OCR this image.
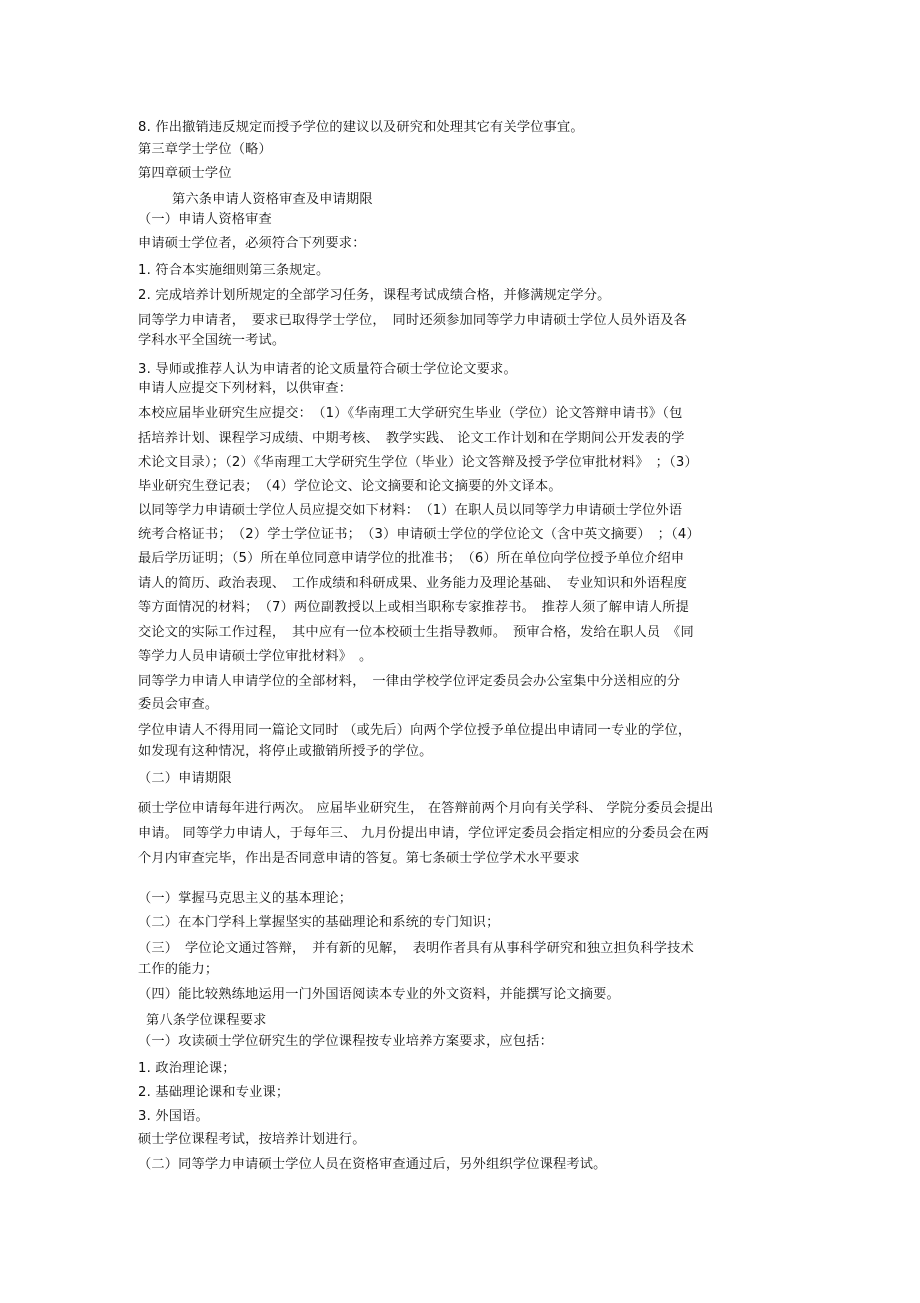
8. 作出撤销违反规定而授予学位的建议以及研究和处理其它有关学位事宜。
第三章学士学位（略）
第四章硕士学位
第六条申请人资格审查及申请期限
（一）申请人资格审查
申请硕士学位者，必须符合下列要求：
1. 符合本实施细则第三条规定。
2. 完成培养计划所规定的全部学习任务，课程考试成绩合格，并修满规定学分。
同等学力申请者，　要求已取得学士学位，　同时还须参加同等学力申请硕士学位人员外语及各
学科水平全国统一考试。
3. 导师或推荐人认为申请者的论文质量符合硕士学位论文要求。
申请人应提交下列材料，以供审查：
本校应届毕业研究生应提交：　（1）《华南理工大学研究生毕业（学位）论文答辩申请书》（包
括培养计划、课程学习成绩、中期考核、　教学实践、 论文工作计划和在学期间公开发表的学
术论文目录）；（2）《华南理工大学研究生学位（毕业）论文答辩及授予学位审批材料》　；（3）
毕业研究生登记表；　（4）学位论文、论文摘要和论文摘要的外文译本。
以同等学力申请硕士学位人员应提交如下材料：　（1）在职人员以同等学力申请硕士学位外语
统考合格证书；　（2）学士学位证书；　（3）申请硕士学位的学位论文（含中英文摘要）　；（4）
最后学历证明；（5）所在单位同意申请学位的批准书；　（6）所在单位向学位授予单位介绍申
请人的简历、政治表现、　工作成绩和科研成果、业务能力及理论基础、　专业知识和外语程度
等方面情况的材料；　（7）两位副教授以上或相当职称专家推荐书。　推荐人须了解申请人所提
交论文的实际工作过程，　其中应有一位本校硕士生指导教师。　预审合格，发给在职人员　《同
等学力人员申请硕士学位审批材料》　。
同等学力申请人申请学位的全部材料，　一律由学校学位评定委员会办公室集中分送相应的分
委员会审查。
学位申请人不得用同一篇论文同时 （或先后）向两个学位授予单位提出申请同一专业的学位，
如发现有这种情况，将停止或撤销所授予的学位。
（二）申请期限
硕士学位申请每年进行两次。 应届毕业研究生， 在答辩前两个月向有关学科、 学院分委员会提出
申请。 同等学力申请人，于每年三、 九月份提出申请，学位评定委员会指定相应的分委员会在两
个月内审查完毕，作出是否同意申请的答复。第七条硕士学位学术水平要求
（一）掌握马克思主义的基本理论；
（二）在本门学科上掌握坚实的基础理论和系统的专门知识；
（三）　学位论文通过答辩，　并有新的见解，　表明作者具有从事科学研究和独立担负科学技术
工作的能力；
（四）能比较熟练地运用一门外国语阅读本专业的外文资料，并能撰写论文摘要。
第八条学位课程要求
（一）攻读硕士学位研究生的学位课程按专业培养方案要求，应包括：
1. 政治理论课；
2. 基础理论课和专业课；
3. 外国语。
硕士学位课程考试，按培养计划进行。
（二）同等学力申请硕士学位人员在资格审查通过后，另外组织学位课程考试。
